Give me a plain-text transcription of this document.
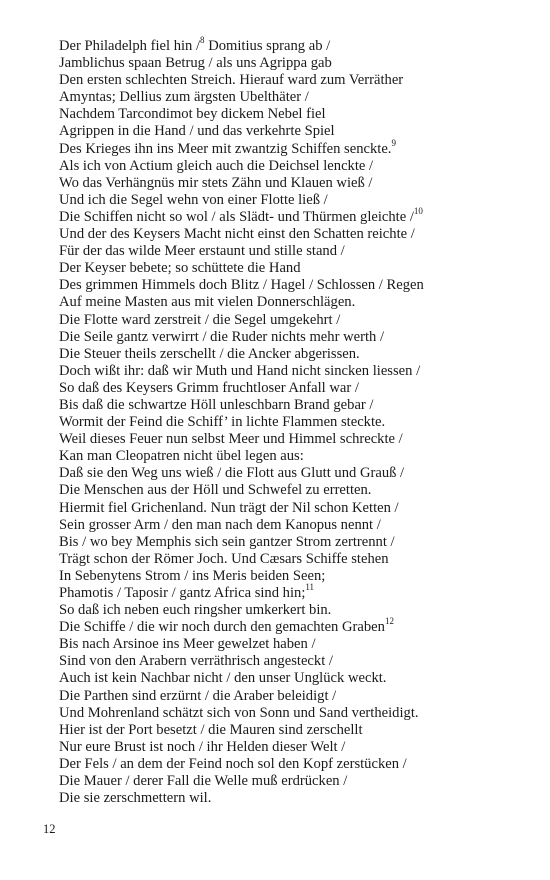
Der Philadelph fiel hin /$^8$ Domitius sprang ab /
Jamblichus spaan Betrug / als uns Agrippa gab
Den ersten schlechten Streich. Hierauf ward zum Verräther
Amyntas; Dellius zum ärgsten Ubelthäter /
Nachdem Tarcondimot bey dickem Nebel fiel
Agrippen in die Hand / und das verkehrte Spiel
Des Krieges ihn ins Meer mit zwantzig Schiffen senckte.$^9$
Als ich von Actium gleich auch die Deichsel lenckte /
Wo das Verhängnüs mir stets Zähn und Klauen wieß /
Und ich die Segel wehn von einer Flotte ließ /
Die Schiffen nicht so wol / als Slädt- und Thürmen gleichte /$^{10}$
Und der des Keysers Macht nicht einst den Schatten reichte /
Für der das wilde Meer erstaunt und stille stand /
Der Keyser bebete; so schüttete die Hand
Des grimmen Himmels doch Blitz / Hagel / Schlossen / Regen
Auf meine Masten aus mit vielen Donnerschlägen.
Die Flotte ward zerstreit / die Segel umgekehrt /
Die Seile gantz verwirrt / die Ruder nichts mehr werth /
Die Steuer theils zerschellt / die Ancker abgerissen.
Doch wißt ihr: daß wir Muth und Hand nicht sincken liessen /
So daß des Keysers Grimm fruchtloser Anfall war /
Bis daß die schwartze Höll unleschbarn Brand gebar /
Wormit der Feind die Schiff’ in lichte Flammen steckte.
Weil dieses Feuer nun selbst Meer und Himmel schreckte /
Kan man Cleopatren nicht übel legen aus:
Daß sie den Weg uns wieß / die Flott aus Glutt und Grauß /
Die Menschen aus der Höll und Schwefel zu erretten.
Hiermit fiel Grichenland. Nun trägt der Nil schon Ketten /
Sein grosser Arm / den man nach dem Kanopus nennt /
Bis / wo bey Memphis sich sein gantzer Strom zertrennt /
Trägt schon der Römer Joch. Und Cæsars Schiffe stehen
In Sebenytens Strom / ins Meris beiden Seen;
Phamotis / Taposir / gantz Africa sind hin;$^{11}$
So daß ich neben euch ringsher umkerkert bin.
Die Schiffe / die wir noch durch den gemachten Graben$^{12}$
Bis nach Arsinoe ins Meer gewelzet haben /
Sind von den Arabern verräthrisch angesteckt /
Auch ist kein Nachbar nicht / den unser Unglück weckt.
Die Parthen sind erzürnt / die Araber beleidigt /
Und Mohrenland schätzt sich von Sonn und Sand vertheidigt.
Hier ist der Port besetzt / die Mauren sind zerschellt
Nur eure Brust ist noch / ihr Helden dieser Welt /
Der Fels / an dem der Feind noch sol den Kopf zerstücken /
Die Mauer / derer Fall die Welle muß erdrücken /
Die sie zerschmettern wil.
12
